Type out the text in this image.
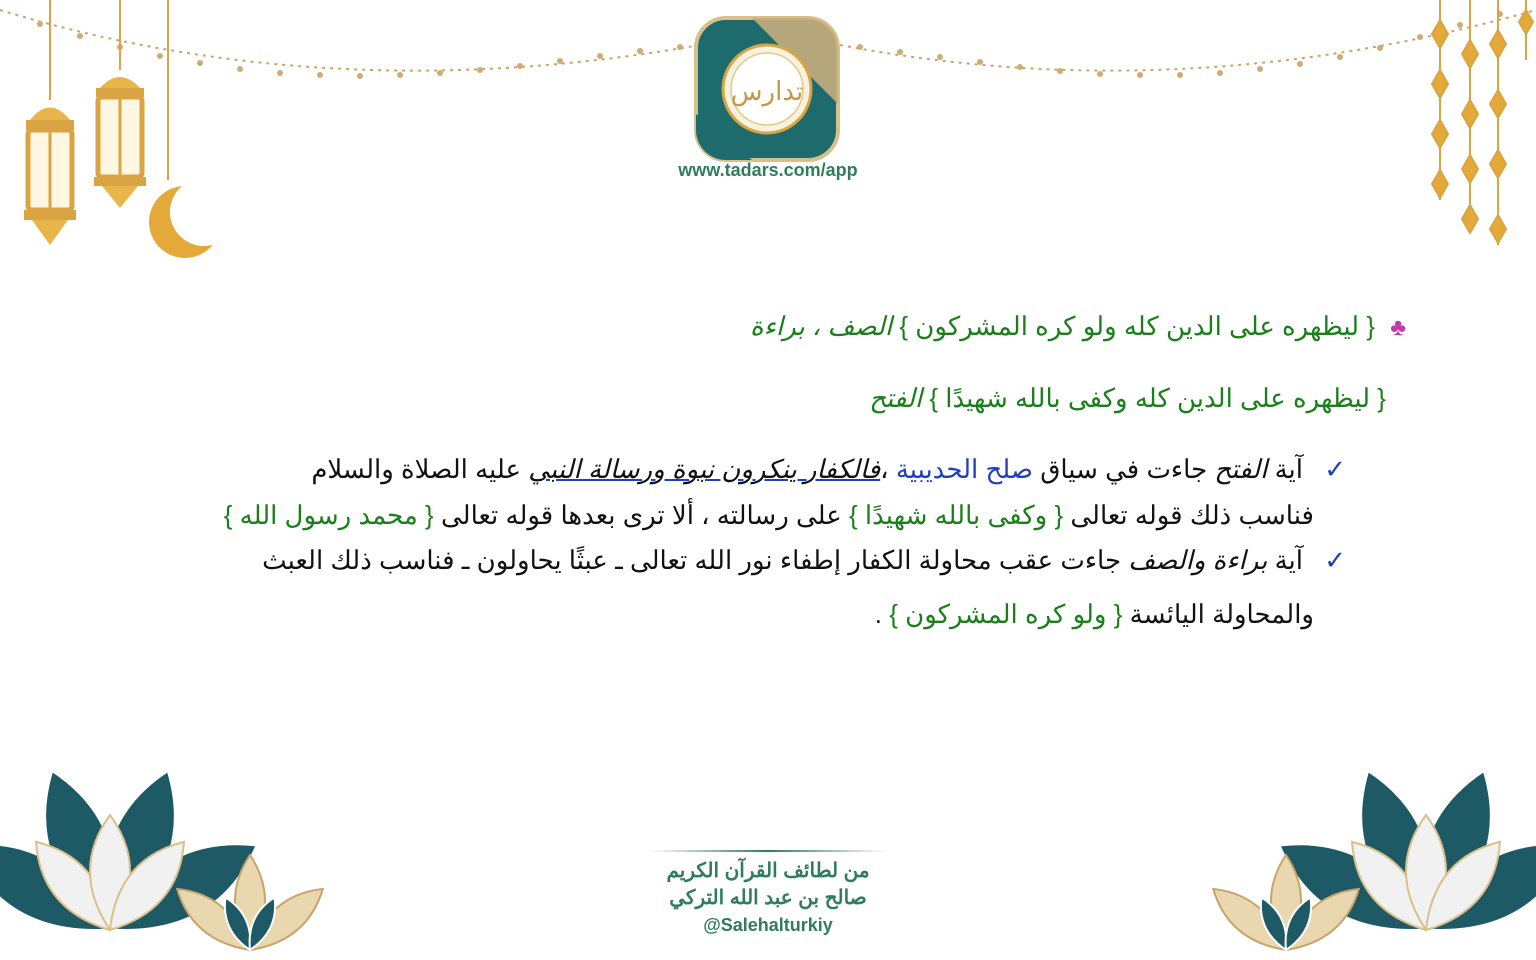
تدارس
www.tadars.com/app
♣ { ليظهره على الدين كله ولو كره المشركون } الصف ، براءة
{ ليظهره على الدين كله وكفى بالله شهيدًا } الفتح
✓ آية الفتح جاءت في سياق صلح الحديبية ،فالكفار ينكرون نبوة ورسالة النبي عليه الصلاة والسلام
فناسب ذلك قوله تعالى { وكفى بالله شهيدًا } على رسالته ، ألا ترى بعدها قوله تعالى { محمد رسول الله }
✓ آية براءة والصف جاءت عقب محاولة الكفار إطفاء نور الله تعالى ـ عبثًا يحاولون ـ فناسب ذلك العبث
والمحاولة اليائسة { ولو كره المشركون } .
من لطائف القرآن الكريم
صالح بن عبد الله التركي
@Salehalturkiy
